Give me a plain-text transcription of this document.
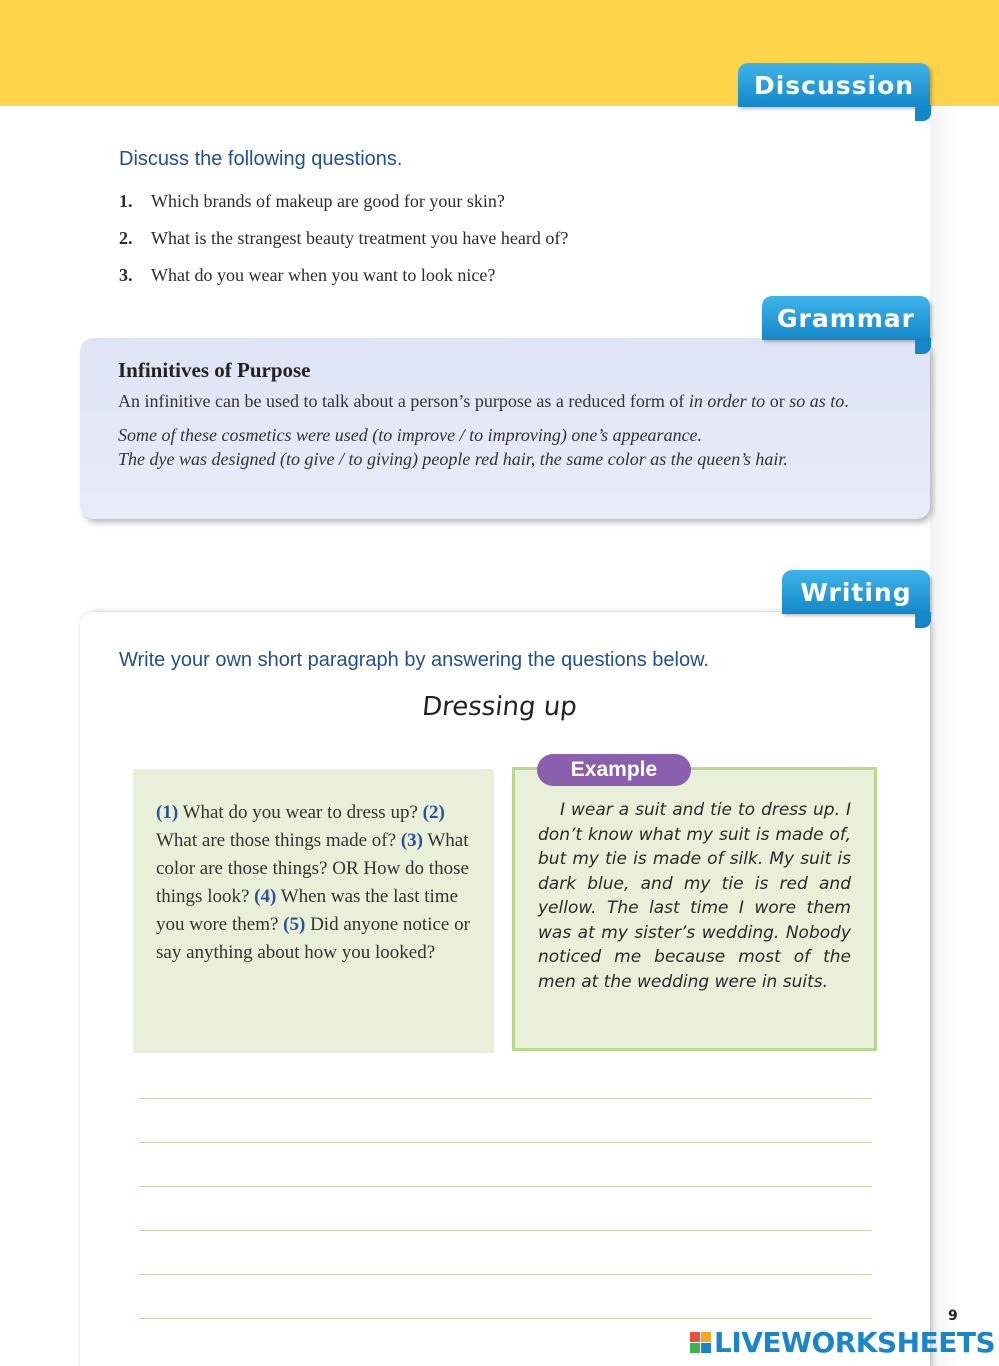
Discussion
Discuss the following questions.
1.	Which brands of makeup are good for your skin?
2.	What is the strangest beauty treatment you have heard of?
3.	What do you wear when you want to look nice?
Infinitives of Purpose
An infinitive can be used to talk about a person’s purpose as a reduced form of in order to or so as to.
Some of these cosmetics were used (to improve / to improving) one’s appearance.
The dye was designed (to give / to giving) people red hair, the same color as the queen’s hair.
Grammar
Writing
Write your own short paragraph by answering the questions below.
Dressing up
(1) What do you wear to dress up? (2) What are those things made of? (3) What color are those things? OR How do those things look? (4) When was the last time you wore them? (5) Did anyone notice or say anything about how you looked?
I wear a suit and tie to dress up. I don’t know what my suit is made of, but my tie is made of silk. My suit is dark blue, and my tie is red and yellow. The last time I wore them was at my sister’s wedding. Nobody noticed me because most of the men at the wedding were in suits.
Example
9
LIVEWORKSHEETS
